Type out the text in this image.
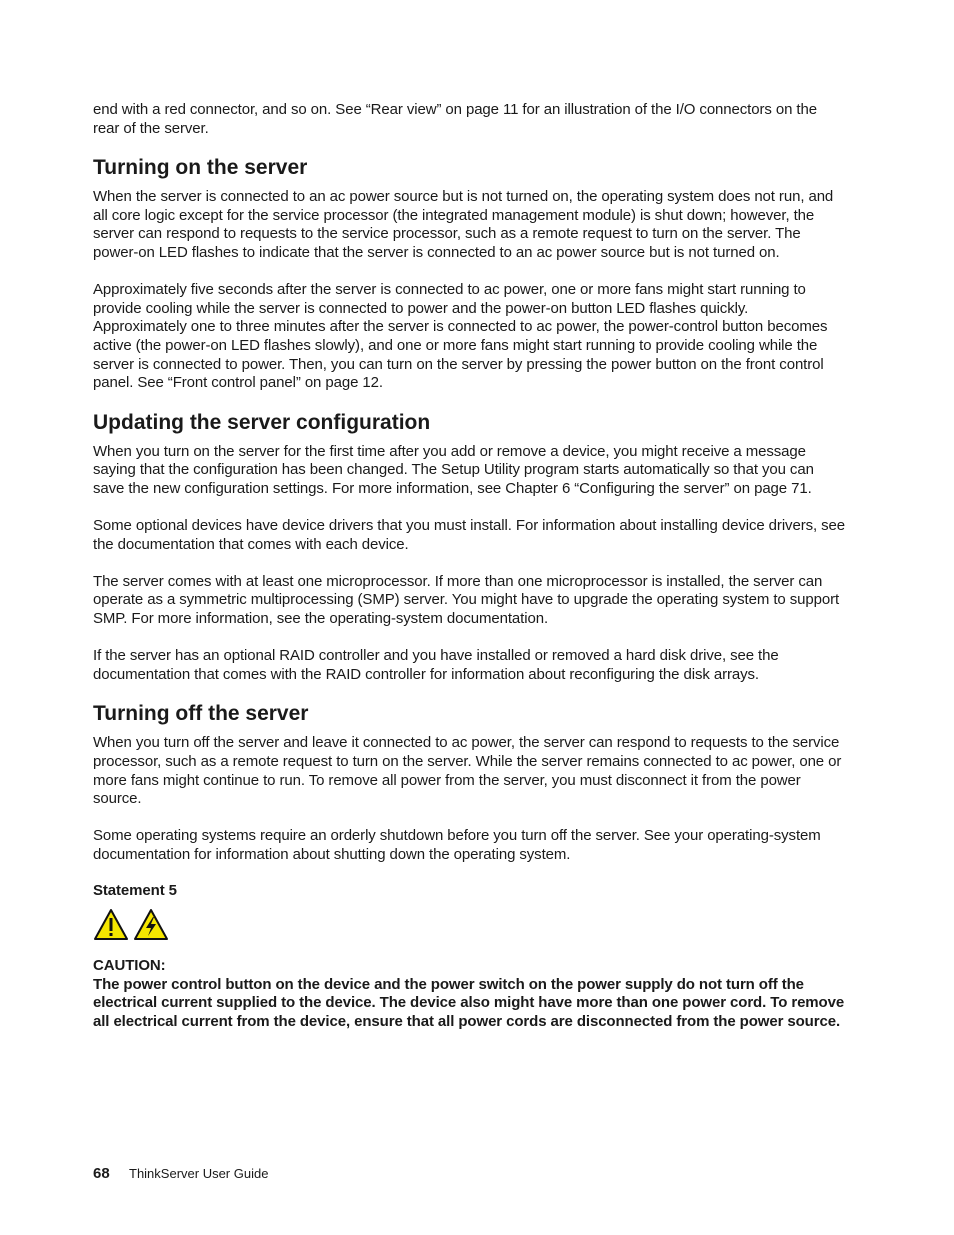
end with a red connector, and so on. See “Rear view” on page 11 for an illustration of the I/O connectors on the rear of the server.

Turning on the server

When the server is connected to an ac power source but is not turned on, the operating system does not run, and all core logic except for the service processor (the integrated management module) is shut down; however, the server can respond to requests to the service processor, such as a remote request to turn on the server. The power-on LED flashes to indicate that the server is connected to an ac power source but is not turned on.

Approximately five seconds after the server is connected to ac power, one or more fans might start running to provide cooling while the server is connected to power and the power-on button LED flashes quickly. Approximately one to three minutes after the server is connected to ac power, the power-control button becomes active (the power-on LED flashes slowly), and one or more fans might start running to provide cooling while the server is connected to power. Then, you can turn on the server by pressing the power button on the front control panel. See “Front control panel” on page 12.

Updating the server configuration

When you turn on the server for the first time after you add or remove a device, you might receive a message saying that the configuration has been changed. The Setup Utility program starts automatically so that you can save the new configuration settings. For more information, see Chapter 6 “Configuring the server” on page 71.

Some optional devices have device drivers that you must install. For information about installing device drivers, see the documentation that comes with each device.

The server comes with at least one microprocessor. If more than one microprocessor is installed, the server can operate as a symmetric multiprocessing (SMP) server. You might have to upgrade the operating system to support SMP. For more information, see the operating-system documentation.

If the server has an optional RAID controller and you have installed or removed a hard disk drive, see the documentation that comes with the RAID controller for information about reconfiguring the disk arrays.

Turning off the server

When you turn off the server and leave it connected to ac power, the server can respond to requests to the service processor, such as a remote request to turn on the server. While the server remains connected to ac power, one or more fans might continue to run. To remove all power from the server, you must disconnect it from the power source.

Some operating systems require an orderly shutdown before you turn off the server. See your operating-system documentation for information about shutting down the operating system.

Statement 5

CAUTION:

The power control button on the device and the power switch on the power supply do not turn off the electrical current supplied to the device. The device also might have more than one power cord. To remove all electrical current from the device, ensure that all power cords are disconnected from the power source.

68	ThinkServer User Guide
